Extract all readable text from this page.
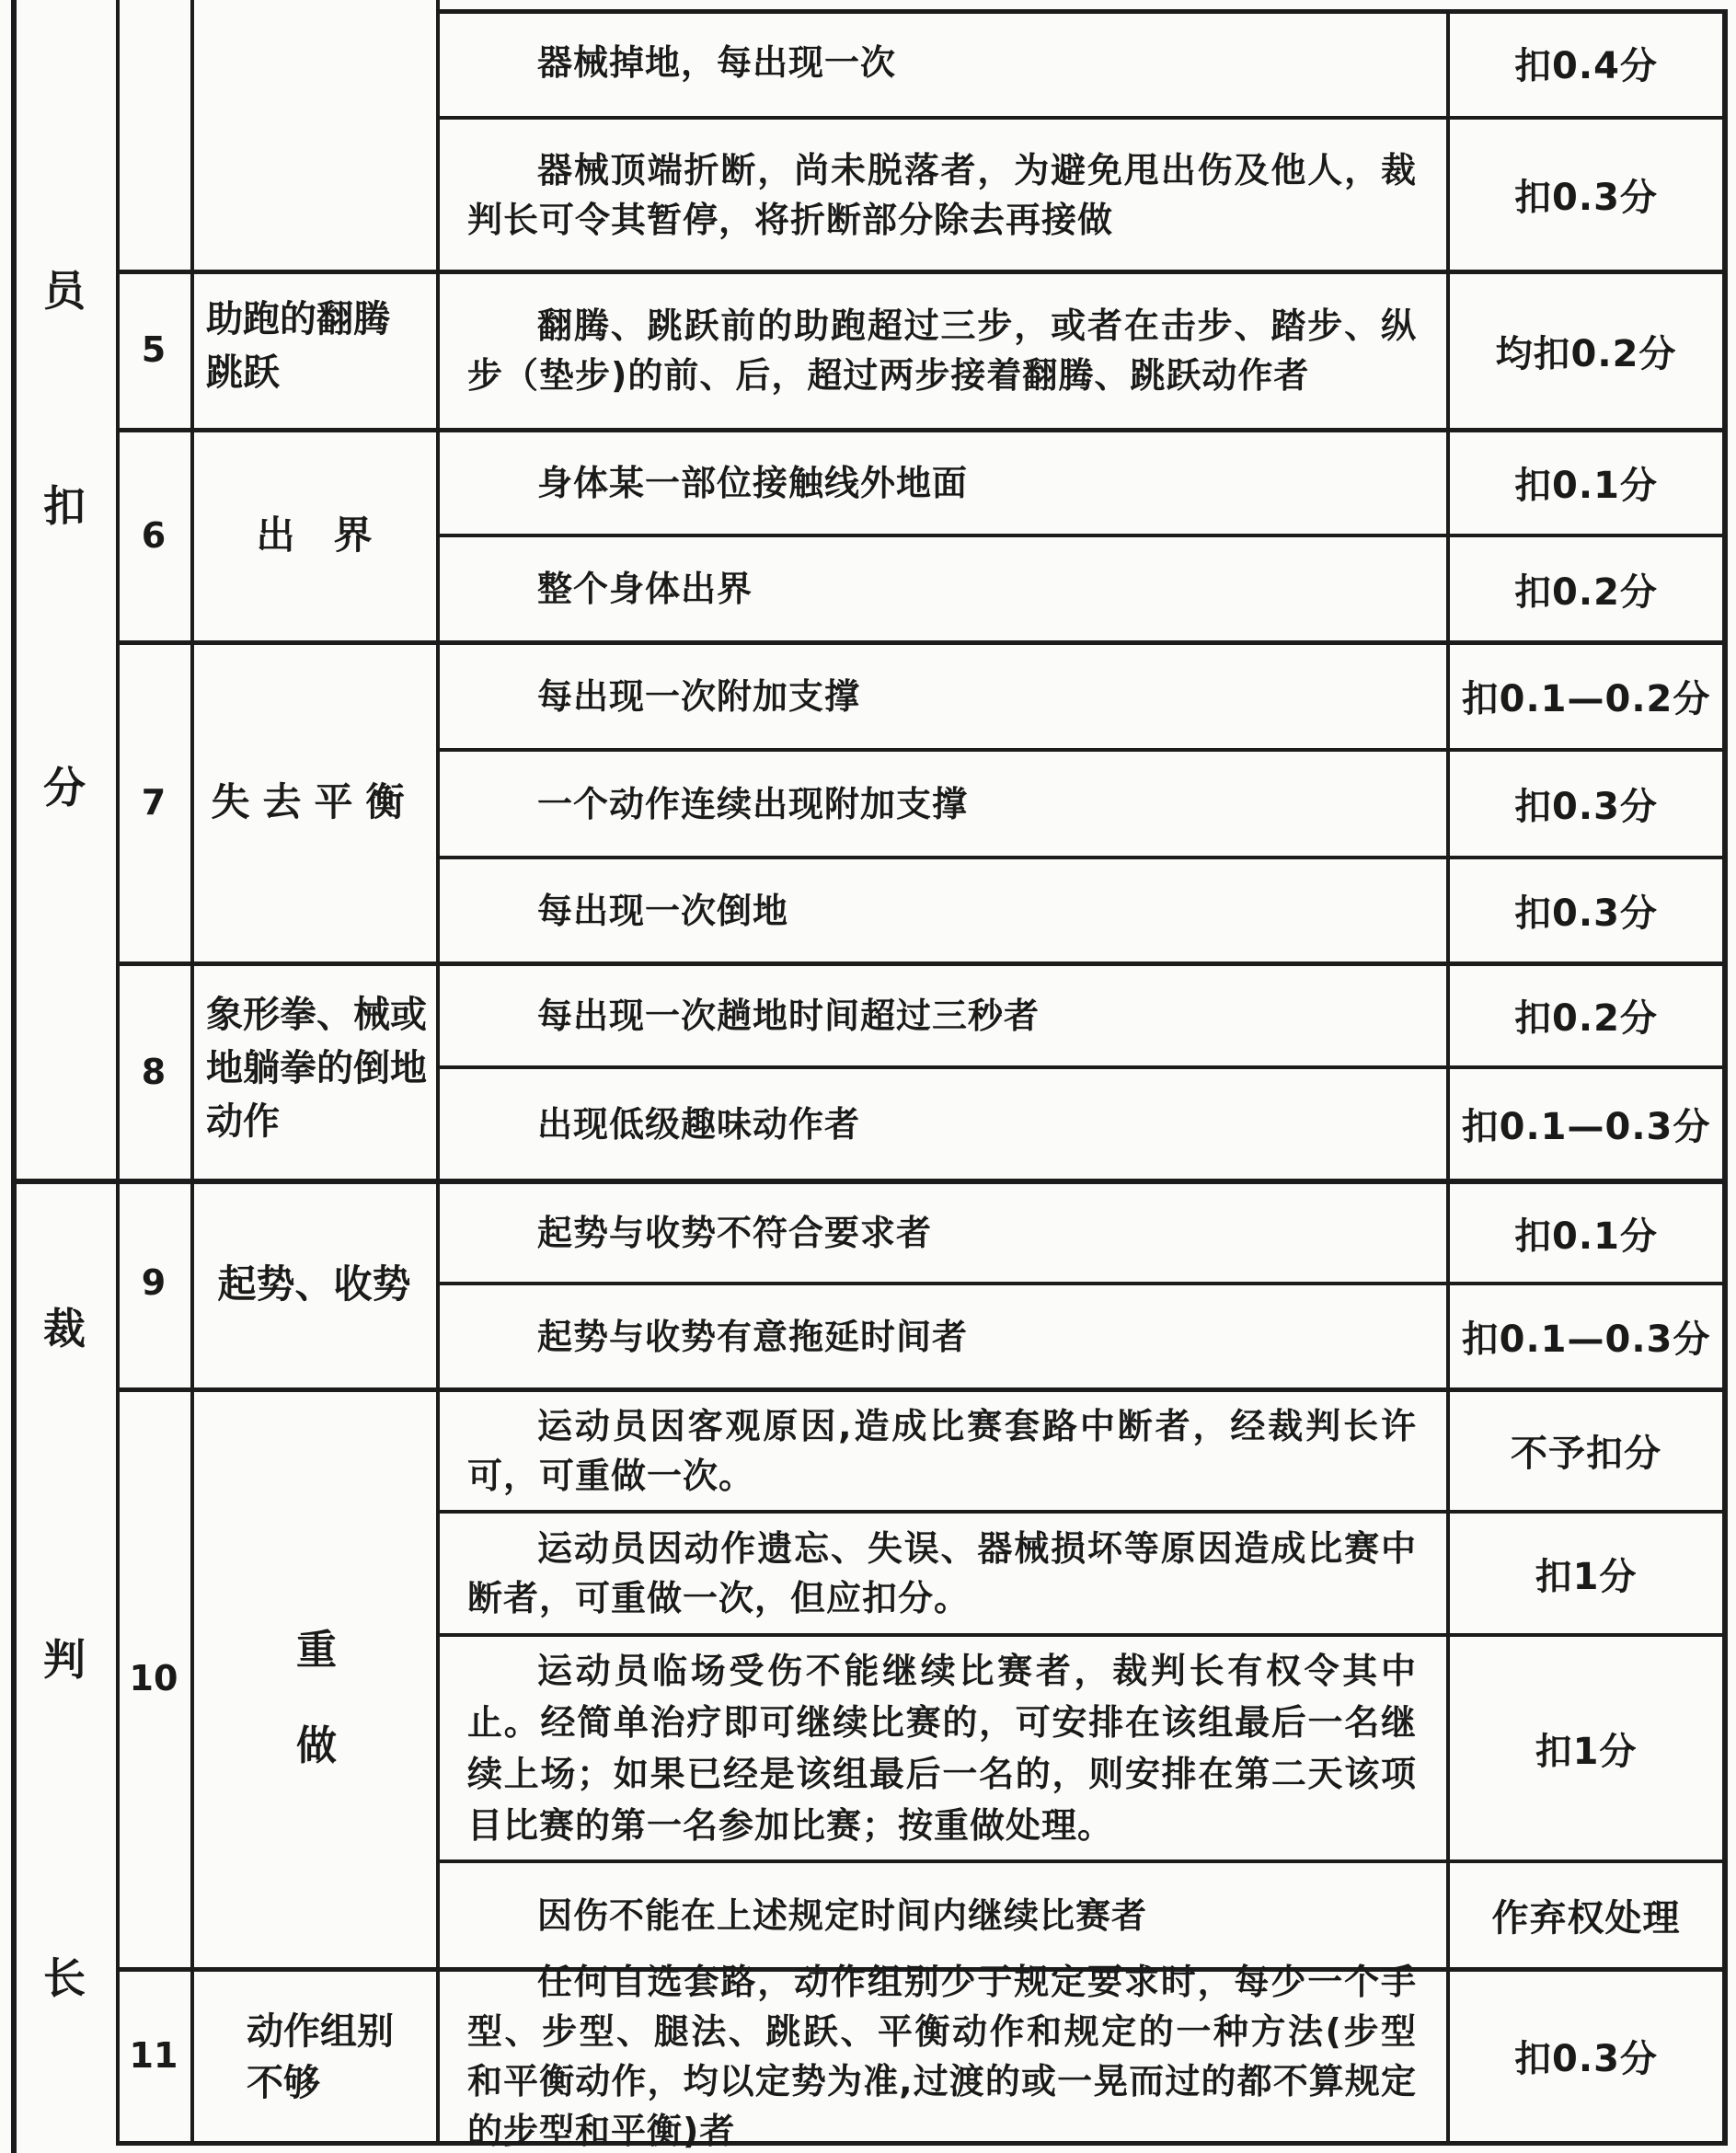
员
扣
分
裁
判
长
5
6
7
8
9
10
11
助跑的翻腾跳跃
出　界
失去平衡
象形拳、械或地躺拳的倒地动作
起势、收势
重做
动作组别不够

器械掉地，每出现一次

器械顶端折断，尚未脱落者，为避免甩出伤及他人，裁判长可令其暂停，将折断部分除去再接做

翻腾、跳跃前的助跑超过三步，或者在击步、踏步、纵步（垫步)的前、后，超过两步接着翻腾、跳跃动作者

身体某一部位接触线外地面

整个身体出界

每出现一次附加支撑

一个动作连续出现附加支撑

每出现一次倒地

每出现一次趟地时间超过三秒者

出现低级趣味动作者

起势与收势不符合要求者

起势与收势有意拖延时间者

运动员因客观原因,造成比赛套路中断者，经裁判长许可，可重做一次。

运动员因动作遗忘、失误、器械损坏等原因造成比赛中断者，可重做一次，但应扣分。

运动员临场受伤不能继续比赛者，裁判长有权令其中止。经简单治疗即可继续比赛的，可安排在该组最后一名继续上场；如果已经是该组最后一名的，则安排在第二天该项目比赛的第一名参加比赛；按重做处理。

因伤不能在上述规定时间内继续比赛者

任何自选套路，动作组别少于规定要求时，每少一个手型、步型、腿法、跳跃、平衡动作和规定的一种方法(步型和平衡动作，均以定势为准,过渡的或一晃而过的都不算规定的步型和平衡)者

扣0.4分
扣0.3分
均扣0.2分
扣0.1分
扣0.2分
扣0.1—0.2分
扣0.3分
扣0.3分
扣0.2分
扣0.1—0.3分
扣0.1分
扣0.1—0.3分
不予扣分
扣1分
扣1分
作弃权处理
扣0.3分
